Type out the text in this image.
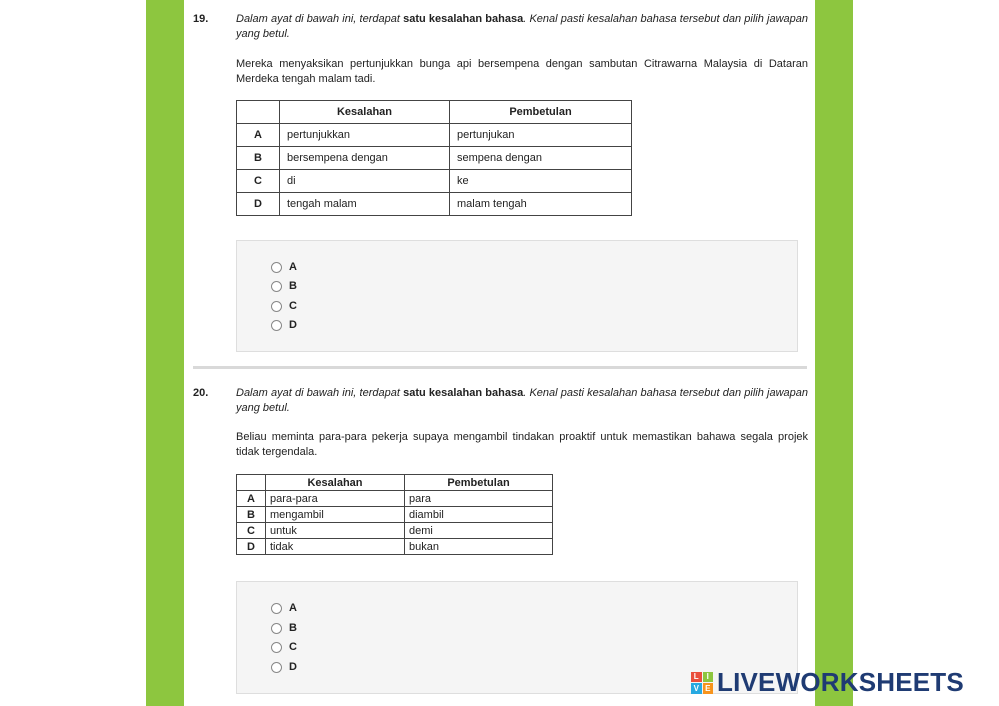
19.	Dalam ayat di bawah ini, terdapat satu kesalahan bahasa. Kenal pasti kesalahan bahasa tersebut dan pilih jawapan yang betul.
Mereka menyaksikan pertunjukkan bunga api bersempena dengan sambutan Citrawarna Malaysia di Dataran Merdeka tengah malam tadi.
	Kesalahan	Pembetulan
A	pertunjukkan	pertunjukan
B	bersempena dengan	sempena dengan
C	di	ke
D	tengah malam	malam tengah
A
B
C
D
20.	Dalam ayat di bawah ini, terdapat satu kesalahan bahasa. Kenal pasti kesalahan bahasa tersebut dan pilih jawapan yang betul.
Beliau meminta para-para pekerja supaya mengambil tindakan proaktif untuk memastikan bahawa segala projek tidak tergendala.
	Kesalahan	Pembetulan
A	para-para	para
B	mengambil	diambil
C	untuk	demi
D	tidak	bukan
A
B
C
D
L I
V E LIVEWORKSHEETS
